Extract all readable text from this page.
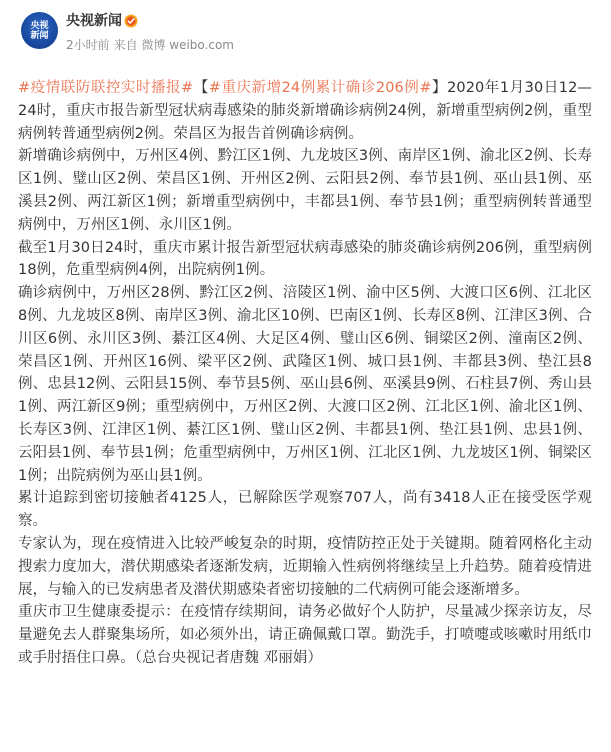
央视
新闻
央视新闻
2小时前 来自 微博 weibo.com

#疫情联防联控实时播报#【#重庆新增24例累计确诊206例#】2020年1月30日12—24时，重庆市报告新型冠状病毒感染的肺炎新增确诊病例24例，新增重型病例2例，重型病例转普通型病例2例。荣昌区为报告首例确诊病例。

新增确诊病例中，万州区4例、黔江区1例、九龙坡区3例、南岸区1例、渝北区2例、长寿区1例、璧山区2例、荣昌区1例、开州区2例、云阳县2例、奉节县1例、巫山县1例、巫溪县2例、两江新区1例；新增重型病例中，丰都县1例、奉节县1例；重型病例转普通型病例中，万州区1例、永川区1例。

截至1月30日24时，重庆市累计报告新型冠状病毒感染的肺炎确诊病例206例，重型病例18例，危重型病例4例，出院病例1例。

确诊病例中，万州区28例、黔江区2例、涪陵区1例、渝中区5例、大渡口区6例、江北区8例、九龙坡区8例、南岸区3例、渝北区10例、巴南区1例、长寿区8例、江津区3例、合川区6例、永川区3例、綦江区4例、大足区4例、璧山区6例、铜梁区2例、潼南区2例、荣昌区1例、开州区16例、梁平区2例、武隆区1例、城口县1例、丰都县3例、垫江县8例、忠县12例、云阳县15例、奉节县5例、巫山县6例、巫溪县9例、石柱县7例、秀山县1例、两江新区9例；重型病例中，万州区2例、大渡口区2例、江北区1例、渝北区1例、长寿区3例、江津区1例、綦江区1例、璧山区2例、丰都县1例、垫江县1例、忠县1例、云阳县1例、奉节县1例；危重型病例中，万州区1例、江北区1例、九龙坡区1例、铜梁区1例；出院病例为巫山县1例。

累计追踪到密切接触者4125人，已解除医学观察707人，尚有3418人正在接受医学观察。

专家认为，现在疫情进入比较严峻复杂的时期，疫情防控正处于关键期。随着网格化主动搜索力度加大，潜伏期感染者逐渐发病，近期输入性病例将继续呈上升趋势。随着疫情进展，与输入的已发病患者及潜伏期感染者密切接触的二代病例可能会逐渐增多。

重庆市卫生健康委提示：在疫情存续期间，请务必做好个人防护，尽量减少探亲访友，尽量避免去人群聚集场所，如必须外出，请正确佩戴口罩。勤洗手，打喷嚏或咳嗽时用纸巾或手肘捂住口鼻。（总台央视记者唐魏 邓丽娟）
